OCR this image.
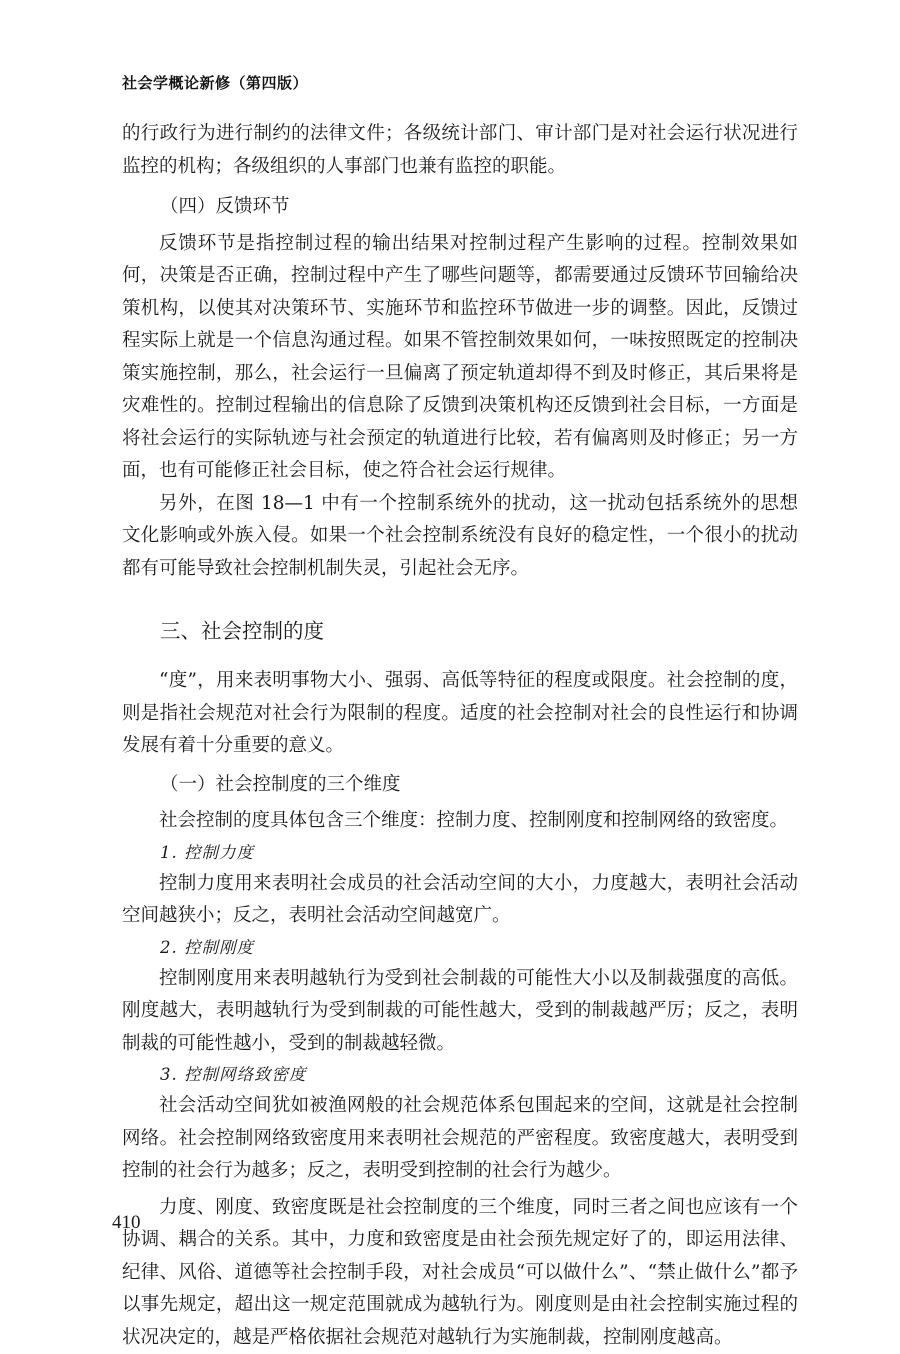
社会学概论新修（第四版）

的行政行为进行制约的法律文件；各级统计部门、审计部门是对社会运行状况进行监控的机构；各级组织的人事部门也兼有监控的职能。

（四）反馈环节

反馈环节是指控制过程的输出结果对控制过程产生影响的过程。控制效果如何，决策是否正确，控制过程中产生了哪些问题等，都需要通过反馈环节回输给决策机构，以使其对决策环节、实施环节和监控环节做进一步的调整。因此，反馈过程实际上就是一个信息沟通过程。如果不管控制效果如何，一味按照既定的控制决策实施控制，那么，社会运行一旦偏离了预定轨道却得不到及时修正，其后果将是灾难性的。控制过程输出的信息除了反馈到决策机构还反馈到社会目标，一方面是将社会运行的实际轨迹与社会预定的轨道进行比较，若有偏离则及时修正；另一方面，也有可能修正社会目标，使之符合社会运行规律。

另外，在图 18—1 中有一个控制系统外的扰动，这一扰动包括系统外的思想文化影响或外族入侵。如果一个社会控制系统没有良好的稳定性，一个很小的扰动都有可能导致社会控制机制失灵，引起社会无序。

三、社会控制的度

“度”，用来表明事物大小、强弱、高低等特征的程度或限度。社会控制的度，则是指社会规范对社会行为限制的程度。适度的社会控制对社会的良性运行和协调发展有着十分重要的意义。

（一）社会控制度的三个维度

社会控制的度具体包含三个维度：控制力度、控制刚度和控制网络的致密度。

1. 控制力度

控制力度用来表明社会成员的社会活动空间的大小，力度越大，表明社会活动空间越狭小；反之，表明社会活动空间越宽广。

2. 控制刚度

控制刚度用来表明越轨行为受到社会制裁的可能性大小以及制裁强度的高低。刚度越大，表明越轨行为受到制裁的可能性越大，受到的制裁越严厉；反之，表明制裁的可能性越小，受到的制裁越轻微。

3. 控制网络致密度

社会活动空间犹如被渔网般的社会规范体系包围起来的空间，这就是社会控制网络。社会控制网络致密度用来表明社会规范的严密程度。致密度越大，表明受到控制的社会行为越多；反之，表明受到控制的社会行为越少。

力度、刚度、致密度既是社会控制度的三个维度，同时三者之间也应该有一个协调、耦合的关系。其中，力度和致密度是由社会预先规定好了的，即运用法律、纪律、风俗、道德等社会控制手段，对社会成员“可以做什么”、“禁止做什么”都予以事先规定，超出这一规定范围就成为越轨行为。刚度则是由社会控制实施过程的状况决定的，越是严格依据社会规范对越轨行为实施制裁，控制刚度越高。

410
